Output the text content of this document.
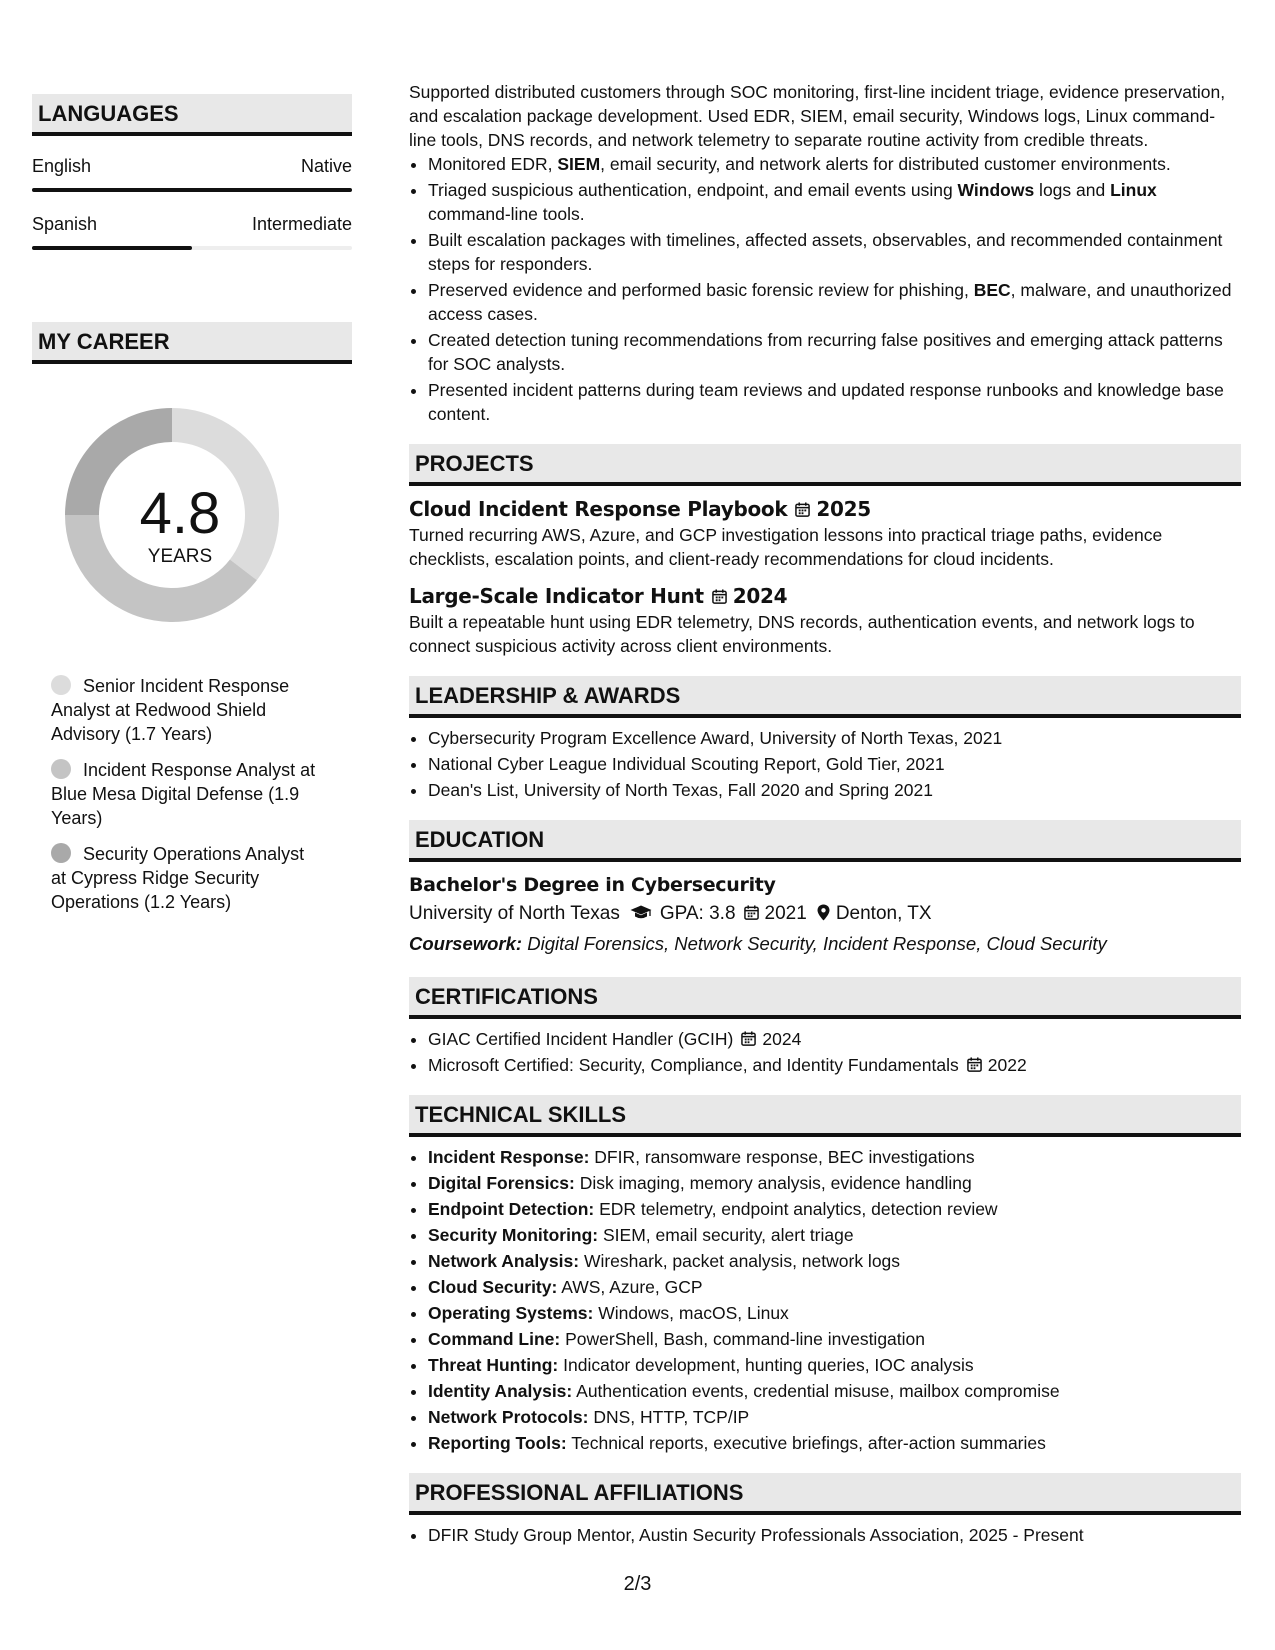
LANGUAGES
English	Native
Spanish	Intermediate
MY CAREER
4.8
YEARS
Senior Incident Response Analyst at Redwood Shield Advisory (1.7 Years)
Incident Response Analyst at Blue Mesa Digital Defense (1.9 Years)
Security Operations Analyst at Cypress Ridge Security Operations (1.2 Years)
Supported distributed customers through SOC monitoring, first-line incident triage, evidence preservation, and escalation package development. Used EDR, SIEM, email security, Windows logs, Linux command-line tools, DNS records, and network telemetry to separate routine activity from credible threats.
• Monitored EDR, SIEM, email security, and network alerts for distributed customer environments.
• Triaged suspicious authentication, endpoint, and email events using Windows logs and Linux command-line tools.
• Built escalation packages with timelines, affected assets, observables, and recommended containment steps for responders.
• Preserved evidence and performed basic forensic review for phishing, BEC, malware, and unauthorized access cases.
• Created detection tuning recommendations from recurring false positives and emerging attack patterns for SOC analysts.
• Presented incident patterns during team reviews and updated response runbooks and knowledge base content.
PROJECTS
Cloud Incident Response Playbook 2025
Turned recurring AWS, Azure, and GCP investigation lessons into practical triage paths, evidence checklists, escalation points, and client-ready recommendations for cloud incidents.
Large-Scale Indicator Hunt 2024
Built a repeatable hunt using EDR telemetry, DNS records, authentication events, and network logs to connect suspicious activity across client environments.
LEADERSHIP & AWARDS
• Cybersecurity Program Excellence Award, University of North Texas, 2021
• National Cyber League Individual Scouting Report, Gold Tier, 2021
• Dean's List, University of North Texas, Fall 2020 and Spring 2021
EDUCATION
Bachelor's Degree in Cybersecurity
University of North Texas GPA: 3.8 2021 Denton, TX
Coursework: Digital Forensics, Network Security, Incident Response, Cloud Security
CERTIFICATIONS
• GIAC Certified Incident Handler (GCIH) 2024
• Microsoft Certified: Security, Compliance, and Identity Fundamentals 2022
TECHNICAL SKILLS
• Incident Response: DFIR, ransomware response, BEC investigations
• Digital Forensics: Disk imaging, memory analysis, evidence handling
• Endpoint Detection: EDR telemetry, endpoint analytics, detection review
• Security Monitoring: SIEM, email security, alert triage
• Network Analysis: Wireshark, packet analysis, network logs
• Cloud Security: AWS, Azure, GCP
• Operating Systems: Windows, macOS, Linux
• Command Line: PowerShell, Bash, command-line investigation
• Threat Hunting: Indicator development, hunting queries, IOC analysis
• Identity Analysis: Authentication events, credential misuse, mailbox compromise
• Network Protocols: DNS, HTTP, TCP/IP
• Reporting Tools: Technical reports, executive briefings, after-action summaries
PROFESSIONAL AFFILIATIONS
• DFIR Study Group Mentor, Austin Security Professionals Association, 2025 - Present
2/3
